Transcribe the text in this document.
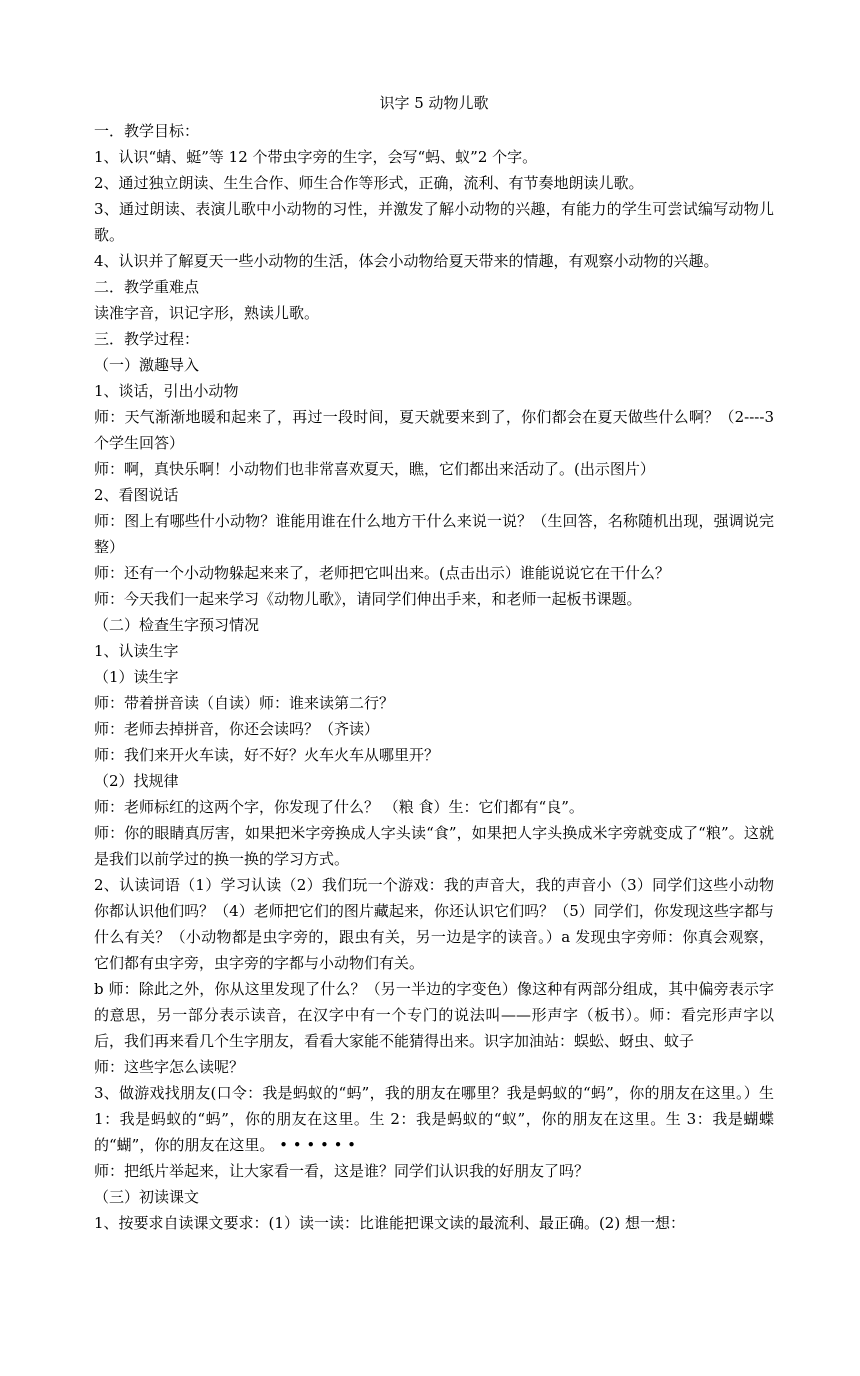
识字 5 动物儿歌

一．教学目标：

1、认识“蜻、蜓”等 12 个带虫字旁的生字，会写“蚂、蚁”2 个字。

2、通过独立朗读、生生合作、师生合作等形式，正确，流利、有节奏地朗读儿歌。

3、通过朗读、表演儿歌中小动物的习性，并激发了解小动物的兴趣，有能力的学生可尝试编写动物儿歌。

4、认识并了解夏天一些小动物的生活，体会小动物给夏天带来的情趣，有观察小动物的兴趣。

二．教学重难点

读准字音，识记字形，熟读儿歌。

三．教学过程：

（一）激趣导入

1、谈话，引出小动物

师：天气渐渐地暖和起来了，再过一段时间，夏天就要来到了，你们都会在夏天做些什么啊？（2----3 个学生回答）

师：啊，真快乐啊！小动物们也非常喜欢夏天，瞧，它们都出来活动了。(出示图片）

2、看图说话

师：图上有哪些什小动物？谁能用谁在什么地方干什么来说一说？（生回答，名称随机出现，强调说完整）

师：还有一个小动物躲起来来了，老师把它叫出来。(点击出示）谁能说说它在干什么？

师：今天我们一起来学习《动物儿歌》，请同学们伸出手来，和老师一起板书课题。

（二）检查生字预习情况

1、认读生字

（1）读生字

师：带着拼音读（自读）师：谁来读第二行？

师：老师去掉拼音，你还会读吗？（齐读）

师：我们来开火车读，好不好？火车火车从哪里开？

（2）找规律

师：老师标红的这两个字，你发现了什么？ （粮 食）生：它们都有“良”。

师：你的眼睛真厉害，如果把米字旁换成人字头读“食”，如果把人字头换成米字旁就变成了“粮”。这就是我们以前学过的换一换的学习方式。

2、认读词语（1）学习认读（2）我们玩一个游戏：我的声音大，我的声音小（3）同学们这些小动物你都认识他们吗？（4）老师把它们的图片藏起来，你还认识它们吗？（5）同学们，你发现这些字都与什么有关？（小动物都是虫字旁的，跟虫有关，另一边是字的读音。）a 发现虫字旁师：你真会观察，它们都有虫字旁，虫字旁的字都与小动物们有关。

b 师：除此之外，你从这里发现了什么？（另一半边的字变色）像这种有两部分组成，其中偏旁表示字的意思，另一部分表示读音，在汉字中有一个专门的说法叫——形声字（板书）。师：看完形声字以后，我们再来看几个生字朋友，看看大家能不能猜得出来。识字加油站：蜈蚣、蚜虫、蚊子

师：这些字怎么读呢？

3、做游戏找朋友(口令：我是蚂蚁的“蚂”，我的朋友在哪里？我是蚂蚁的“蚂”，你的朋友在这里。）生 1：我是蚂蚁的“蚂”，你的朋友在这里。生 2：我是蚂蚁的“蚁”，你的朋友在这里。生 3：我是蝴蝶的“蝴”，你的朋友在这里。 • • • • • •

师：把纸片举起来，让大家看一看，这是谁？同学们认识我的好朋友了吗？

（三）初读课文

1、按要求自读课文要求：(1）读一读：比谁能把课文读的最流利、最正确。(2) 想一想：
